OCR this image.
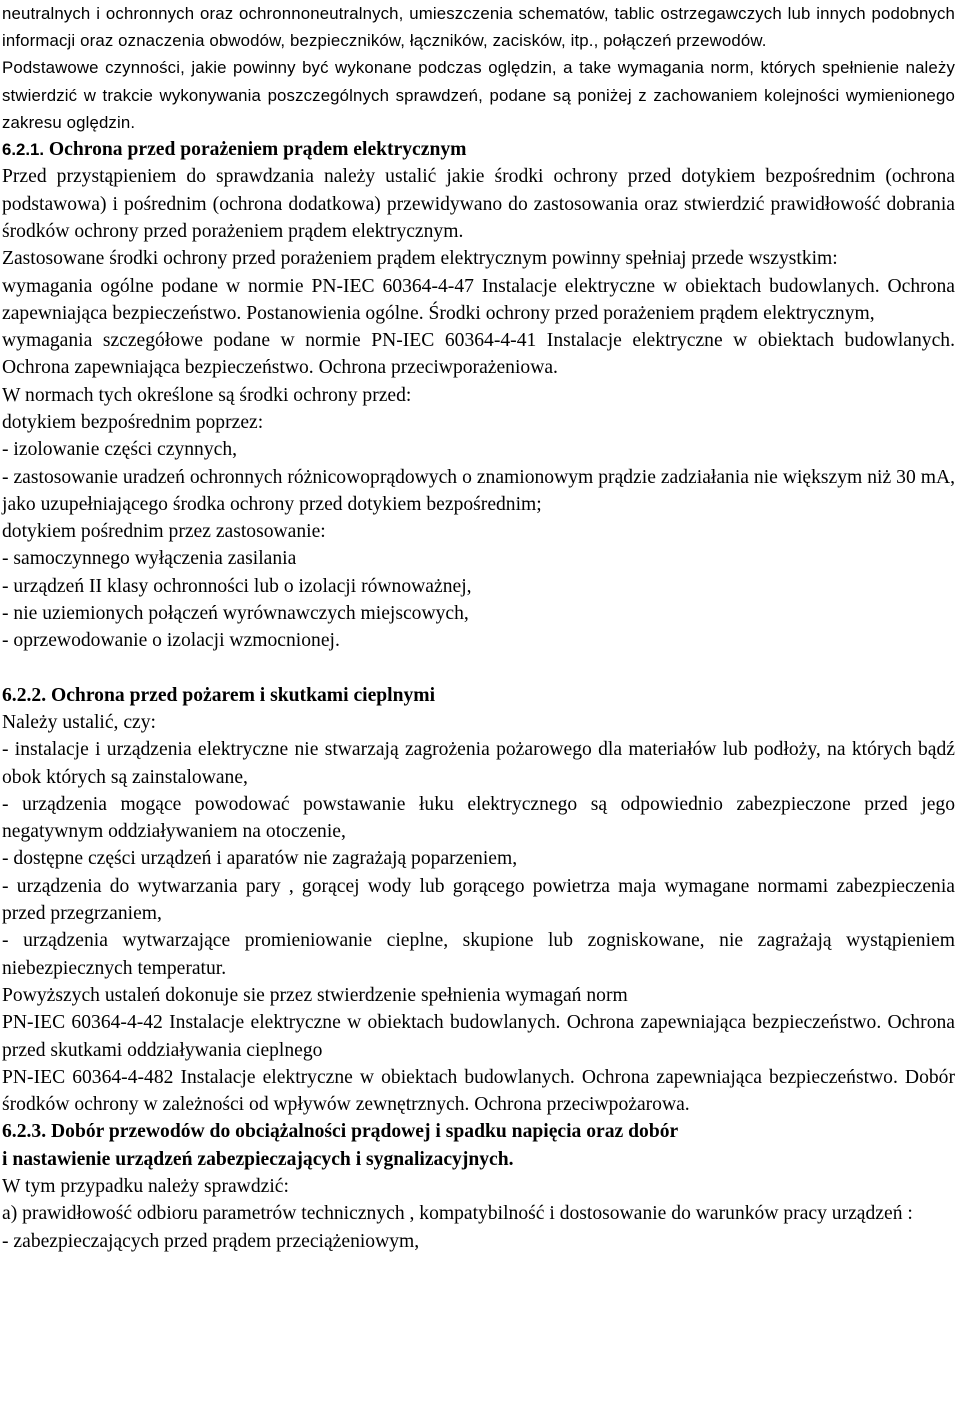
neutralnych i ochronnych oraz ochronnoneutralnych, umieszczenia schematów, tablic ostrzegawczych lub innych podobnych informacji oraz oznaczenia obwodów, bezpieczników, łączników, zacisków, itp., połączeń przewodów.

Podstawowe czynności, jakie powinny być wykonane podczas oględzin, a take wymagania norm, których spełnienie należy stwierdzić w trakcie wykonywania poszczególnych sprawdzeń, podane są poniżej z zachowaniem kolejności wymienionego zakresu oględzin.

6.2.1. Ochrona przed porażeniem prądem elektrycznym

Przed przystąpieniem do sprawdzania należy ustalić jakie środki ochrony przed dotykiem bezpośrednim (ochrona podstawowa) i pośrednim (ochrona dodatkowa) przewidywano do zastosowania oraz stwierdzić prawidłowość dobrania środków ochrony przed porażeniem prądem elektrycznym.

Zastosowane środki ochrony przed porażeniem prądem elektrycznym powinny spełniaj przede wszystkim:

wymagania ogólne podane w normie PN-IEC 60364-4-47 Instalacje elektryczne w obiektach budowlanych. Ochrona zapewniająca bezpieczeństwo. Postanowienia ogólne. Środki ochrony przed porażeniem prądem elektrycznym,

wymagania szczegółowe podane w normie PN-IEC 60364-4-41 Instalacje elektryczne w obiektach budowlanych. Ochrona zapewniająca bezpieczeństwo. Ochrona przeciwporażeniowa.

W normach tych określone są środki ochrony przed:

dotykiem bezpośrednim poprzez:

- izolowanie części czynnych,

- zastosowanie uradzeń ochronnych różnicowoprądowych o znamionowym prądzie zadziałania nie większym niż 30 mA, jako uzupełniającego środka ochrony przed dotykiem bezpośrednim;

dotykiem pośrednim przez zastosowanie:

- samoczynnego wyłączenia zasilania

- urządzeń II klasy ochronności lub o izolacji równoważnej,

- nie uziemionych połączeń wyrównawczych miejscowych,

- oprzewodowanie o izolacji wzmocnionej.

6.2.2. Ochrona przed pożarem i skutkami cieplnymi

Należy ustalić, czy:

- instalacje i urządzenia elektryczne nie stwarzają zagrożenia pożarowego dla materiałów lub podłoży, na których bądź obok których są zainstalowane,

- urządzenia mogące powodować powstawanie łuku elektrycznego są odpowiednio zabezpieczone przed jego negatywnym oddziaływaniem na otoczenie,

- dostępne części urządzeń i aparatów nie zagrażają poparzeniem,

- urządzenia do wytwarzania pary , gorącej wody lub gorącego powietrza maja wymagane normami zabezpieczenia przed przegrzaniem,

- urządzenia wytwarzające promieniowanie cieplne, skupione lub zogniskowane, nie zagrażają wystąpieniem niebezpiecznych temperatur.

Powyższych ustaleń dokonuje sie przez stwierdzenie spełnienia wymagań norm

PN-IEC 60364-4-42 Instalacje elektryczne w obiektach budowlanych. Ochrona zapewniająca bezpieczeństwo. Ochrona przed skutkami oddziaływania cieplnego

PN-IEC 60364-4-482 Instalacje elektryczne w obiektach budowlanych. Ochrona zapewniająca bezpieczeństwo. Dobór środków ochrony w zależności od wpływów zewnętrznych. Ochrona przeciwpożarowa.

6.2.3. Dobór przewodów do obciążalności prądowej i spadku napięcia oraz dobór

i nastawienie urządzeń zabezpieczających i sygnalizacyjnych.

W tym przypadku należy sprawdzić:

a) prawidłowość odbioru parametrów technicznych , kompatybilność i dostosowanie do warunków pracy urządzeń :

- zabezpieczających przed prądem przeciążeniowym,
